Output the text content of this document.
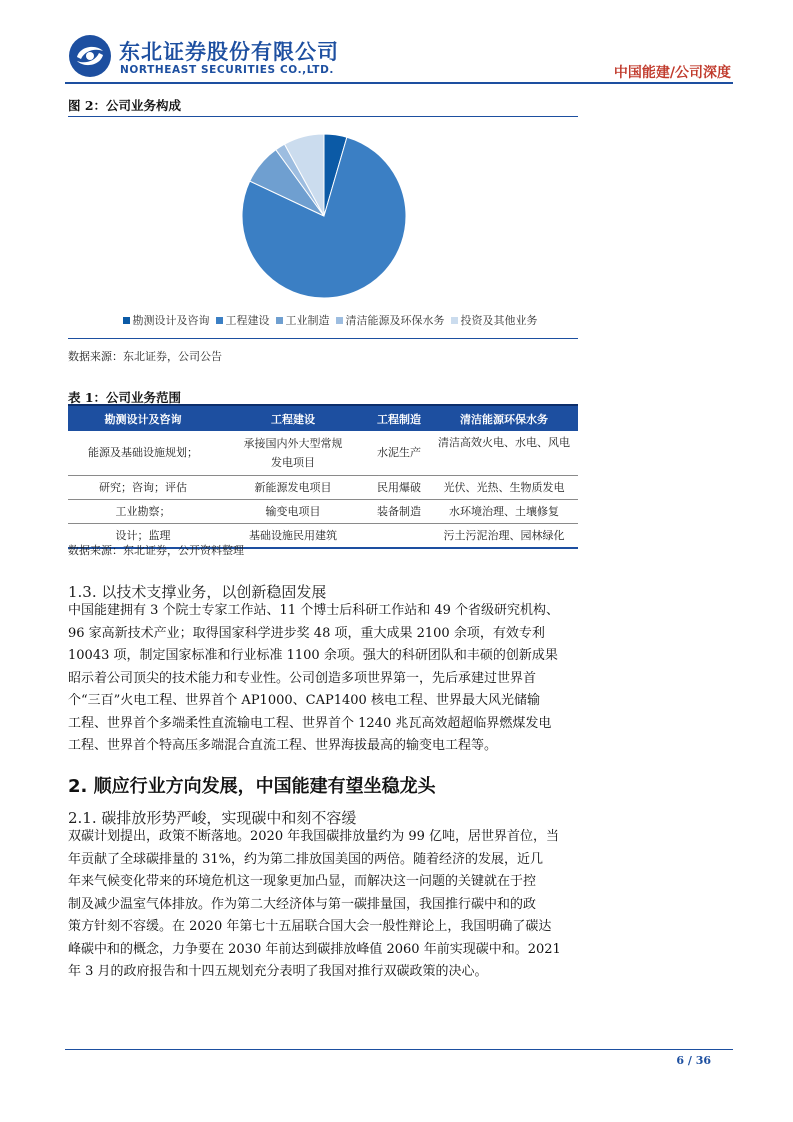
东北证券股份有限公司
NORTHEAST SECURITIES CO.,LTD.	中国能建/公司深度
图 2：公司业务构成
勘测设计及咨询 工程建设 工业制造 清洁能源及环保水务 投资及其他业务
数据来源：东北证券，公司公告
表 1：公司业务范围
勘测设计及咨询	工程建设	工程制造	清洁能源环保水务
能源及基础设施规划；	承接国内外大型常规发电项目	水泥生产	清洁高效火电、水电、风电
研究；咨询；评估	新能源发电项目	民用爆破	光伏、光热、生物质发电
工业勘察；	输变电项目	装备制造	水环境治理、土壤修复
设计；监理	基础设施民用建筑		污土污泥治理、园林绿化
数据来源：东北证券，公开资料整理
1.3. 以技术支撑业务，以创新稳固发展
中国能建拥有 3 个院士专家工作站、11 个博士后科研工作站和 49 个省级研究机构、
96 家高新技术产业；取得国家科学进步奖 48 项，重大成果 2100 余项，有效专利
10043 项，制定国家标准和行业标准 1100 余项。强大的科研团队和丰硕的创新成果
昭示着公司顶尖的技术能力和专业性。公司创造多项世界第一，先后承建过世界首
个“三百”火电工程、世界首个 AP1000、CAP1400 核电工程、世界最大风光储输
工程、世界首个多端柔性直流输电工程、世界首个 1240 兆瓦高效超超临界燃煤发电
工程、世界首个特高压多端混合直流工程、世界海拔最高的输变电工程等。
2. 顺应行业方向发展，中国能建有望坐稳龙头
2.1. 碳排放形势严峻，实现碳中和刻不容缓
双碳计划提出，政策不断落地。2020 年我国碳排放量约为 99 亿吨，居世界首位，当
年贡献了全球碳排量的 31%，约为第二排放国美国的两倍。随着经济的发展，近几
年来气候变化带来的环境危机这一现象更加凸显，而解决这一问题的关键就在于控
制及减少温室气体排放。作为第二大经济体与第一碳排量国，我国推行碳中和的政
策方针刻不容缓。在 2020 年第七十五届联合国大会一般性辩论上，我国明确了碳达
峰碳中和的概念，力争要在 2030 年前达到碳排放峰值 2060 年前实现碳中和。2021
年 3 月的政府报告和十四五规划充分表明了我国对推行双碳政策的决心。
6 / 36
